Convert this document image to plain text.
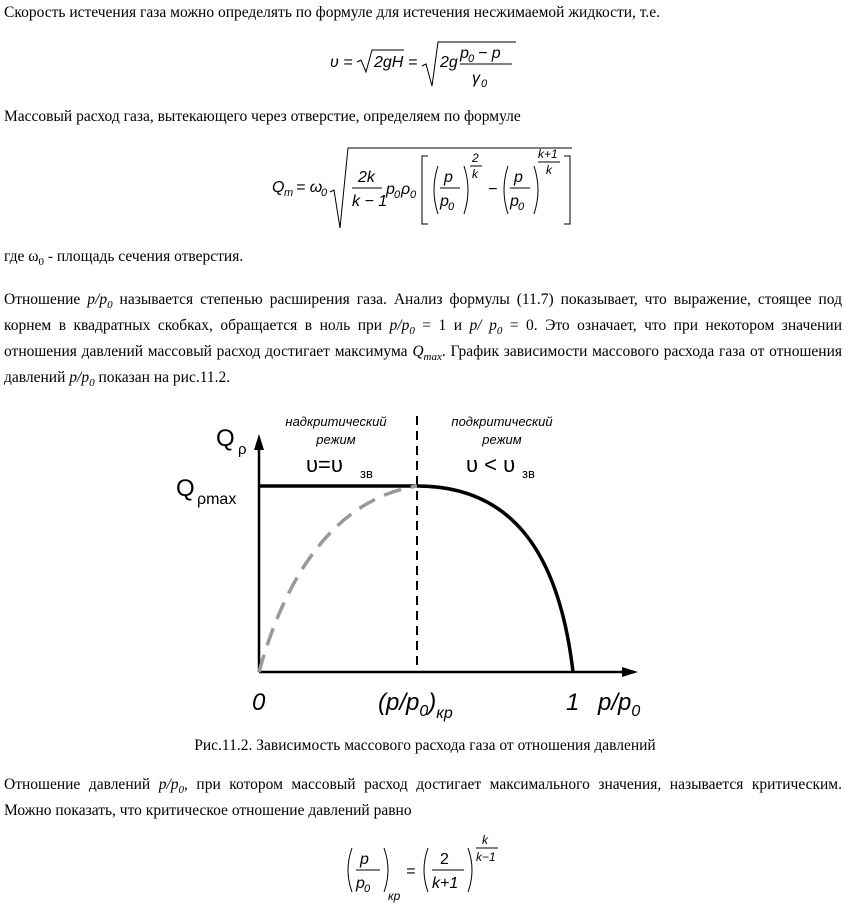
Скорость истечения газа можно определять по формуле для истечения несжимаемой жидкости, т.е.

υ = 2gH = 2g
p 0 − p
γ 0

Массовый расход газа, вытекающего через отверстие, определяем по формуле

Q m = ω
0
2k
k − 1
p 0 ρ 0
p
p 0
2
k
−
p
p 0
k+1
k

где $\omega_0$ - площадь сечения отверстия.

Отношение $p/p_0$ называется степенью расширения газа. Анализ формулы (11.7) показывает, что выражение, стоящее под корнем в квадратных скобках, обращается в ноль при $p/p_0 = 1$ и p/ $p_0 = 0$. Это означает, что при некотором значении отношения давлений массовый расход достигает максимума $Q_{max}$. График зависимости массового расхода газа от отношения давлений $p/p_0$ показан на рис.11.2.

Q ρ
Q ρmax
надкритический
режим
υ=υ зв
подкритический
режим
υ < υ зв
0	$(p/p_0)_{кр}$	1 $p/p_0$
Рис.11.2. Зависимость массового расхода газа от отношения давлений

Отношение давлений $p/p_0$, при котором массовый расход достигает максимального значения, называется критическим. Можно показать, что критическое отношение давлений равно

p
p 0 кр
=
2
k+1
k
k−1
